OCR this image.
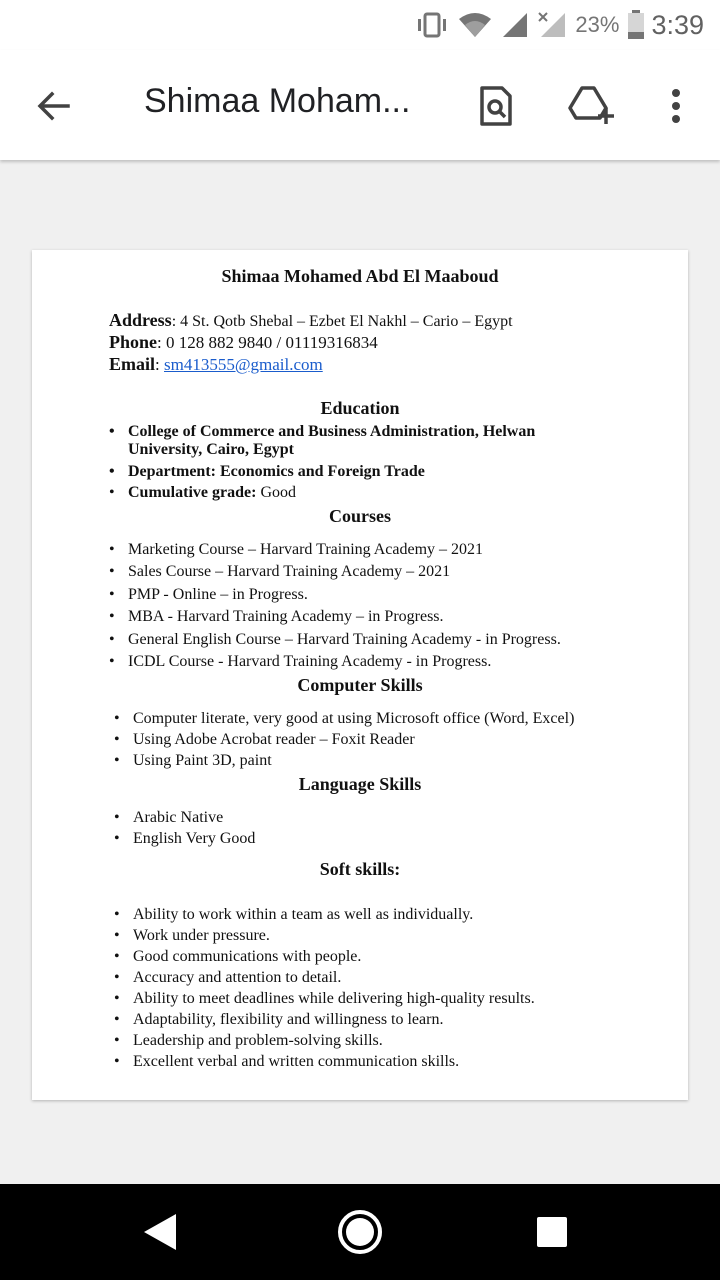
23% 3:39
Shimaa Moham...
Shimaa Mohamed Abd El Maaboud
Address: 4 St. Qotb Shebal – Ezbet El Nakhl – Cario – Egypt
Phone: 0 128 882 9840 / 01119316834
Email: sm413555@gmail.com
Education
• College of Commerce and Business Administration, Helwan
University, Cairo, Egypt
• Department: Economics and Foreign Trade
• Cumulative grade: Good
Courses
• Marketing Course – Harvard Training Academy – 2021
• Sales Course – Harvard Training Academy – 2021
• PMP - Online – in Progress.
• MBA - Harvard Training Academy – in Progress.
• General English Course – Harvard Training Academy - in Progress.
• ICDL Course - Harvard Training Academy - in Progress.
Computer Skills
• Computer literate, very good at using Microsoft office (Word, Excel)
• Using Adobe Acrobat reader – Foxit Reader
• Using Paint 3D, paint
Language Skills
• Arabic Native
• English Very Good
Soft skills:
• Ability to work within a team as well as individually.
• Work under pressure.
• Good communications with people.
• Accuracy and attention to detail.
• Ability to meet deadlines while delivering high-quality results.
• Adaptability, flexibility and willingness to learn.
• Leadership and problem-solving skills.
• Excellent verbal and written communication skills.
